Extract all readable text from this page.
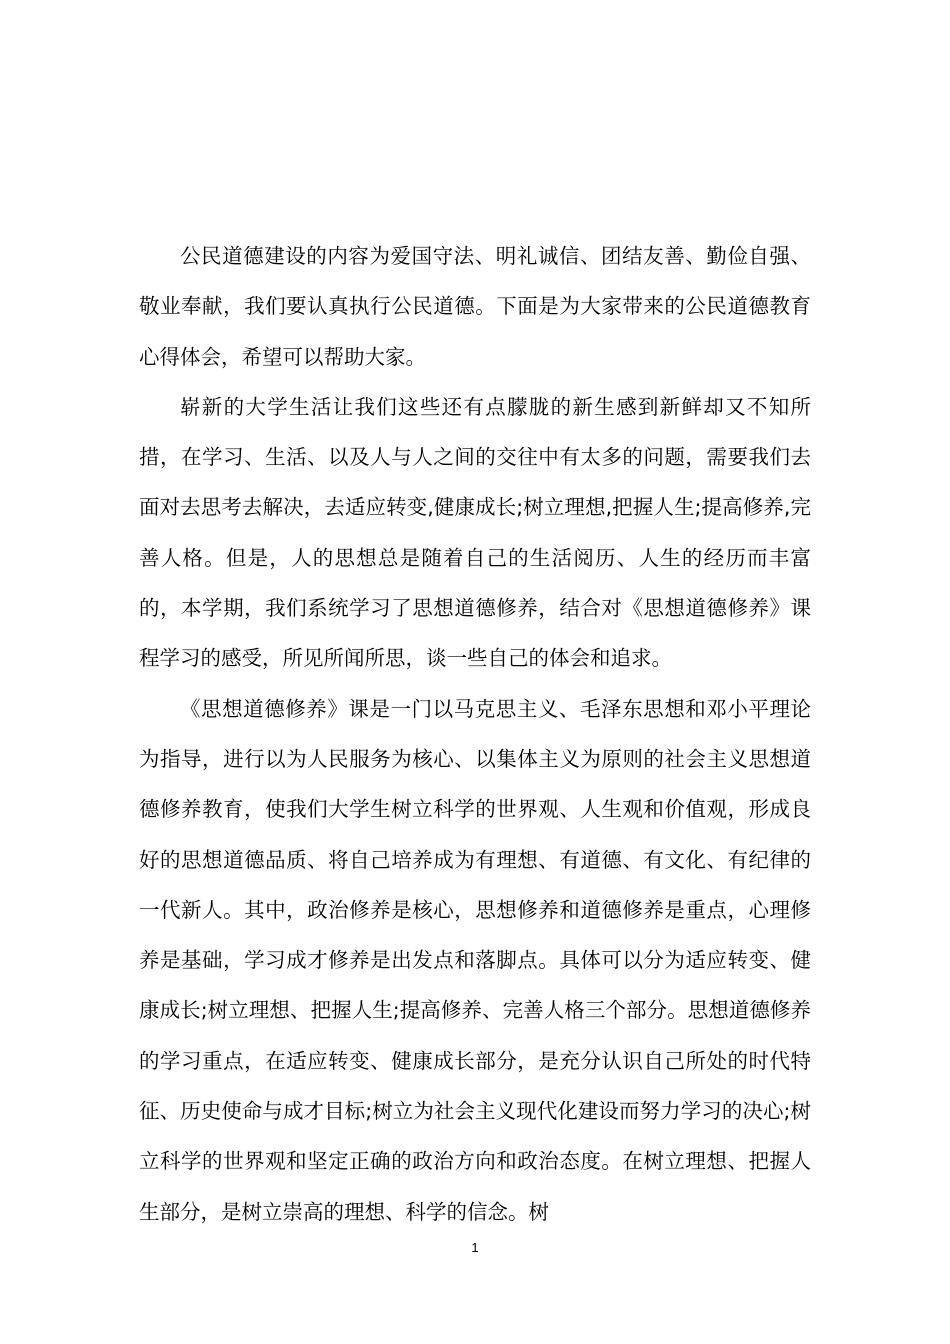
公民道德建设的内容为爱国守法、明礼诚信、团结友善、勤俭自强、敬业奉献，我们要认真执行公民道德。下面是为大家带来的公民道德教育心得体会，希望可以帮助大家。

崭新的大学生活让我们这些还有点朦胧的新生感到新鲜却又不知所措，在学习、生活、以及人与人之间的交往中有太多的问题，需要我们去面对去思考去解决，去适应转变,健康成长;树立理想,把握人生;提高修养,完善人格。但是，人的思想总是随着自己的生活阅历、人生的经历而丰富的，本学期，我们系统学习了思想道德修养，结合对《思想道德修养》课程学习的感受，所见所闻所思，谈一些自己的体会和追求。

《思想道德修养》课是一门以马克思主义、毛泽东思想和邓小平理论为指导，进行以为人民服务为核心、以集体主义为原则的社会主义思想道德修养教育，使我们大学生树立科学的世界观、人生观和价值观，形成良好的思想道德品质、将自己培养成为有理想、有道德、有文化、有纪律的一代新人。其中，政治修养是核心，思想修养和道德修养是重点，心理修养是基础，学习成才修养是出发点和落脚点。具体可以分为适应转变、健康成长;树立理想、把握人生;提高修养、完善人格三个部分。思想道德修养的学习重点，在适应转变、健康成长部分，是充分认识自己所处的时代特征、历史使命与成才目标;树立为社会主义现代化建设而努力学习的决心;树立科学的世界观和坚定正确的政治方向和政治态度。在树立理想、把握人生部分，是树立崇高的理想、科学的信念。树

1
